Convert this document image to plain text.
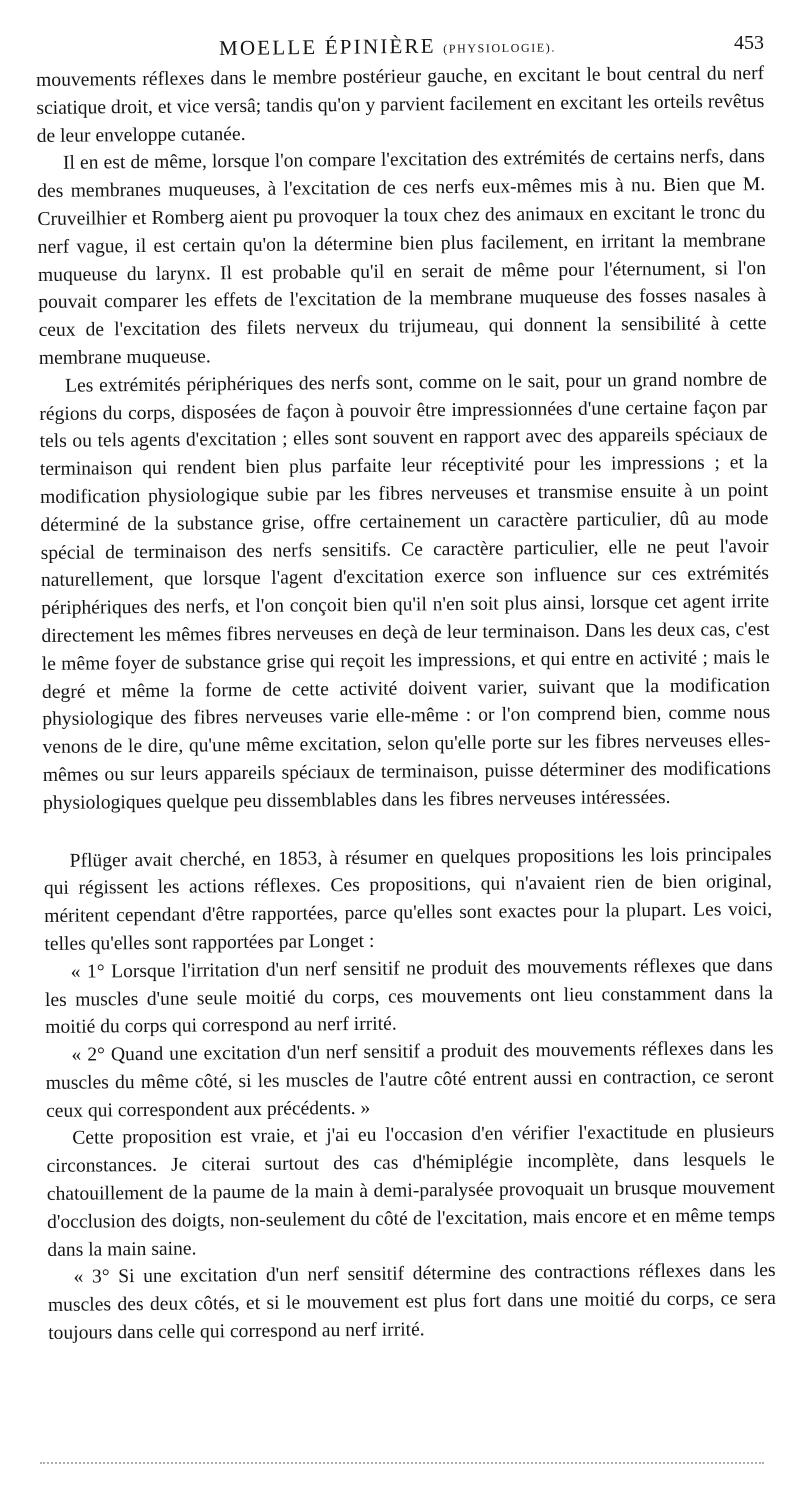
MOELLE ÉPINIÈRE (PHYSIOLOGIE).	453

mouvements réflexes dans le membre postérieur gauche, en excitant le bout central du nerf sciatique droit, et vice versâ; tandis qu'on y parvient facilement en excitant les orteils revêtus de leur enveloppe cutanée.

Il en est de même, lorsque l'on compare l'excitation des extrémités de certains nerfs, dans des membranes muqueuses, à l'excitation de ces nerfs eux-mêmes mis à nu. Bien que M. Cruveilhier et Romberg aient pu provoquer la toux chez des animaux en excitant le tronc du nerf vague, il est certain qu'on la détermine bien plus facilement, en irritant la membrane muqueuse du larynx. Il est probable qu'il en serait de même pour l'éternument, si l'on pouvait comparer les effets de l'excitation de la membrane muqueuse des fosses nasales à ceux de l'excitation des filets nerveux du trijumeau, qui donnent la sensibilité à cette membrane muqueuse.

Les extrémités périphériques des nerfs sont, comme on le sait, pour un grand nombre de régions du corps, disposées de façon à pouvoir être impressionnées d'une certaine façon par tels ou tels agents d'excitation ; elles sont souvent en rapport avec des appareils spéciaux de terminaison qui rendent bien plus parfaite leur réceptivité pour les impressions ; et la modification physiologique subie par les fibres nerveuses et transmise ensuite à un point déterminé de la substance grise, offre certainement un caractère particulier, dû au mode spécial de terminaison des nerfs sensitifs. Ce caractère particulier, elle ne peut l'avoir naturellement, que lorsque l'agent d'excitation exerce son influence sur ces extrémités périphériques des nerfs, et l'on conçoit bien qu'il n'en soit plus ainsi, lorsque cet agent irrite directement les mêmes fibres nerveuses en deçà de leur terminaison. Dans les deux cas, c'est le même foyer de substance grise qui reçoit les impressions, et qui entre en activité ; mais le degré et même la forme de cette activité doivent varier, suivant que la modification physiologique des fibres nerveuses varie elle-même : or l'on comprend bien, comme nous venons de le dire, qu'une même excitation, selon qu'elle porte sur les fibres nerveuses elles-mêmes ou sur leurs appareils spéciaux de terminaison, puisse déterminer des modifications physiologiques quelque peu dissemblables dans les fibres nerveuses intéressées.

Pflüger avait cherché, en 1853, à résumer en quelques propositions les lois principales qui régissent les actions réflexes. Ces propositions, qui n'avaient rien de bien original, méritent cependant d'être rapportées, parce qu'elles sont exactes pour la plupart. Les voici, telles qu'elles sont rapportées par Longet :

« 1° Lorsque l'irritation d'un nerf sensitif ne produit des mouvements réflexes que dans les muscles d'une seule moitié du corps, ces mouvements ont lieu constamment dans la moitié du corps qui correspond au nerf irrité.

« 2° Quand une excitation d'un nerf sensitif a produit des mouvements réflexes dans les muscles du même côté, si les muscles de l'autre côté entrent aussi en contraction, ce seront ceux qui correspondent aux précédents. »

Cette proposition est vraie, et j'ai eu l'occasion d'en vérifier l'exactitude en plusieurs circonstances. Je citerai surtout des cas d'hémiplégie incomplète, dans lesquels le chatouillement de la paume de la main à demi-paralysée provoquait un brusque mouvement d'occlusion des doigts, non-seulement du côté de l'excitation, mais encore et en même temps dans la main saine.

« 3° Si une excitation d'un nerf sensitif détermine des contractions réflexes dans les muscles des deux côtés, et si le mouvement est plus fort dans une moitié du corps, ce sera toujours dans celle qui correspond au nerf irrité.
